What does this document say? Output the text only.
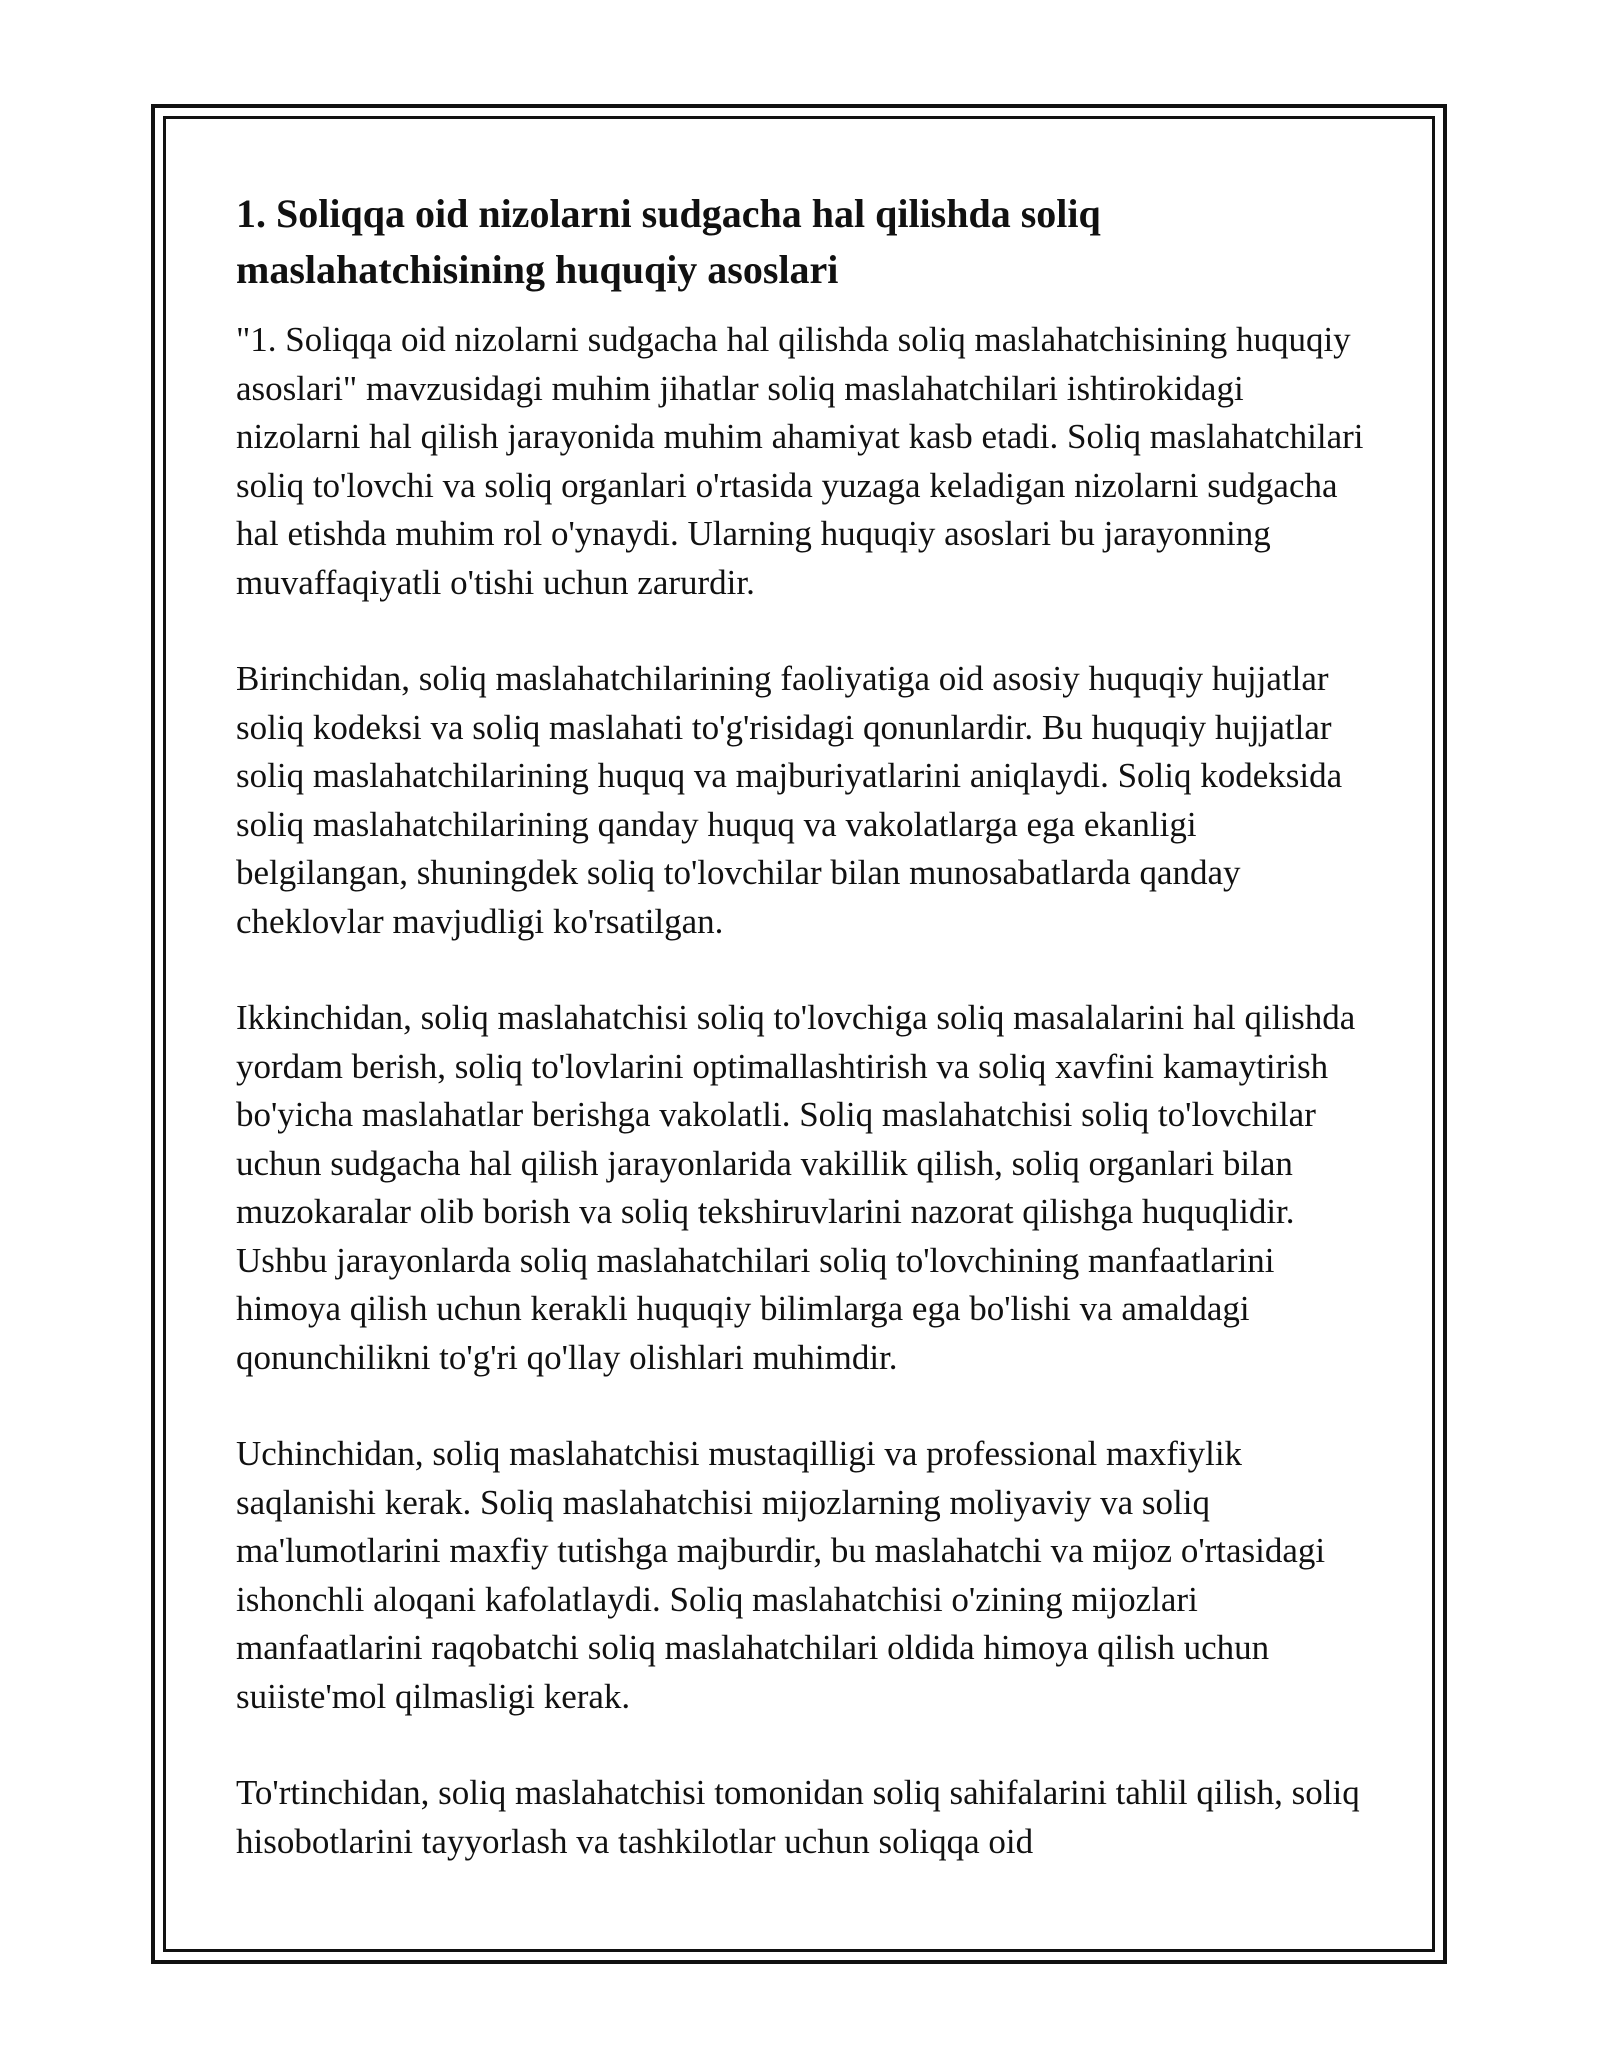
1. Soliqqa oid nizolarni sudgacha hal qilishda soliq maslahatchisining huquqiy asoslari

"1. Soliqqa oid nizolarni sudgacha hal qilishda soliq maslahatchisining huquqiy asoslari" mavzusidagi muhim jihatlar soliq maslahatchilari ishtirokidagi nizolarni hal qilish jarayonida muhim ahamiyat kasb etadi. Soliq maslahatchilari soliq to'lovchi va soliq organlari o'rtasida yuzaga keladigan nizolarni sudgacha hal etishda muhim rol o'ynaydi. Ularning huquqiy asoslari bu jarayonning muvaffaqiyatli o'tishi uchun zarurdir.

Birinchidan, soliq maslahatchilarining faoliyatiga oid asosiy huquqiy hujjatlar soliq kodeksi va soliq maslahati to'g'risidagi qonunlardir. Bu huquqiy hujjatlar soliq maslahatchilarining huquq va majburiyatlarini aniqlaydi. Soliq kodeksida soliq maslahatchilarining qanday huquq va vakolatlarga ega ekanligi belgilangan, shuningdek soliq to'lovchilar bilan munosabatlarda qanday cheklovlar mavjudligi ko'rsatilgan.

Ikkinchidan, soliq maslahatchisi soliq to'lovchiga soliq masalalarini hal qilishda yordam berish, soliq to'lovlarini optimallashtirish va soliq xavfini kamaytirish bo'yicha maslahatlar berishga vakolatli. Soliq maslahatchisi soliq to'lovchilar uchun sudgacha hal qilish jarayonlarida vakillik qilish, soliq organlari bilan muzokaralar olib borish va soliq tekshiruvlarini nazorat qilishga huquqlidir. Ushbu jarayonlarda soliq maslahatchilari soliq to'lovchining manfaatlarini himoya qilish uchun kerakli huquqiy bilimlarga ega bo'lishi va amaldagi qonunchilikni to'g'ri qo'llay olishlari muhimdir.

Uchinchidan, soliq maslahatchisi mustaqilligi va professional maxfiylik saqlanishi kerak. Soliq maslahatchisi mijozlarning moliyaviy va soliq ma'lumotlarini maxfiy tutishga majburdir, bu maslahatchi va mijoz o'rtasidagi ishonchli aloqani kafolatlaydi. Soliq maslahatchisi o'zining mijozlari manfaatlarini raqobatchi soliq maslahatchilari oldida himoya qilish uchun suiiste'mol qilmasligi kerak.

To'rtinchidan, soliq maslahatchisi tomonidan soliq sahifalarini tahlil qilish, soliq hisobotlarini tayyorlash va tashkilotlar uchun soliqqa oid
